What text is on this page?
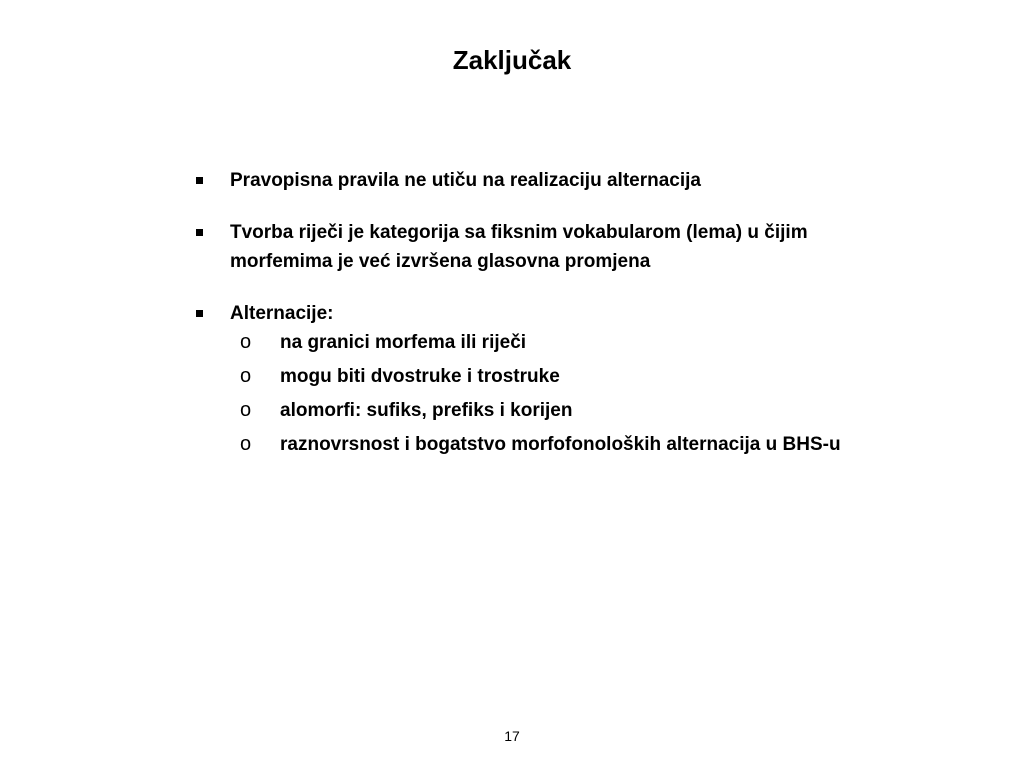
Zaključak
Pravopisna pravila ne utiču na realizaciju alternacija
Tvorba riječi je kategorija sa fiksnim vokabularom (lema) u čijim morfemima je već izvršena glasovna promjena
Alternacije:
o na granici morfema ili riječi
o mogu biti dvostruke i trostruke
o alomorfi: sufiks, prefiks i korijen
o raznovrsnost i bogatstvo morfofonoloških alternacija u BHS-u
17
